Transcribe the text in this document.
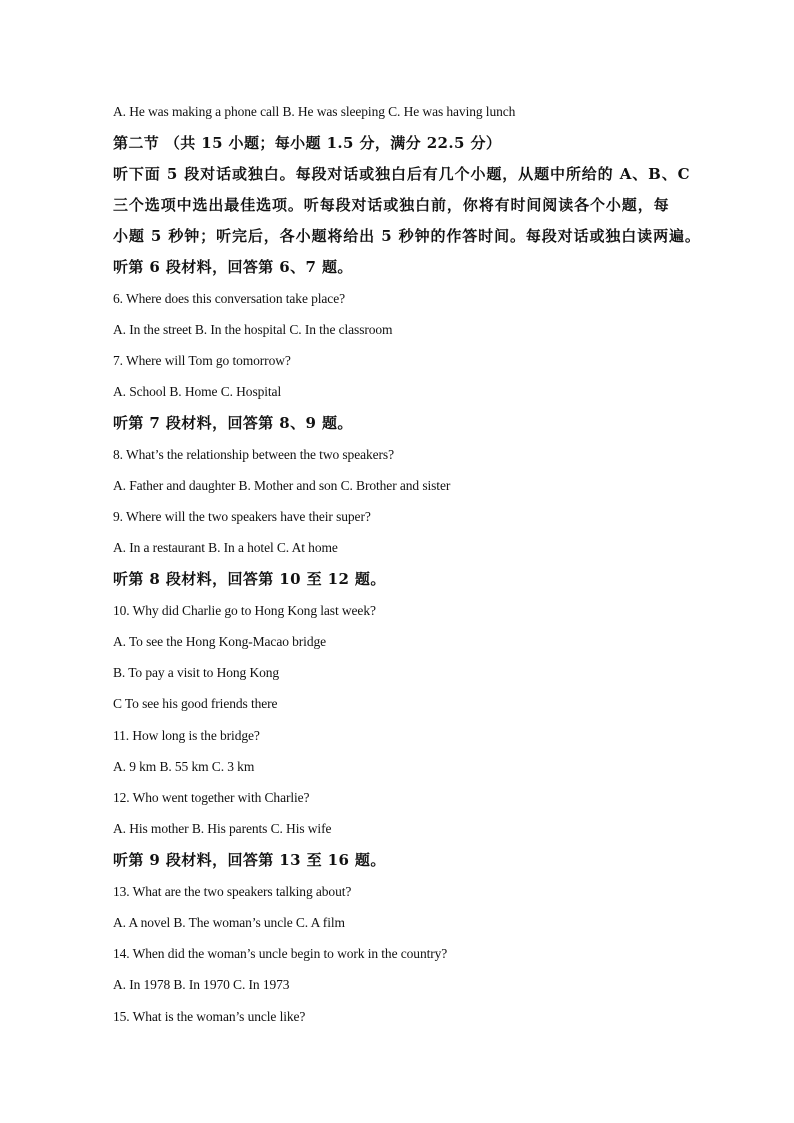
A. He was making a phone call B. He was sleeping C. He was having lunch
第二节 （共 15 小题；每小题 1.5 分，满分 22.5 分）
听下面 5 段对话或独白。每段对话或独白后有几个小题，从题中所给的 A、B、C
三个选项中选出最佳选项。听每段对话或独白前，你将有时间阅读各个小题，每
小题 5 秒钟；听完后，各小题将给出 5 秒钟的作答时间。每段对话或独白读两遍。
听第 6 段材料，回答第 6、7 题。
6. Where does this conversation take place?
A. In the street B. In the hospital C. In the classroom
7. Where will Tom go tomorrow?
A. School B. Home C. Hospital
听第 7 段材料，回答第 8、9 题。
8. What’s the relationship between the two speakers?
A. Father and daughter B. Mother and son C. Brother and sister
9. Where will the two speakers have their super?
A. In a restaurant B. In a hotel C. At home
听第 8 段材料，回答第 10 至 12 题。
10. Why did Charlie go to Hong Kong last week?
A. To see the Hong Kong-Macao bridge
B. To pay a visit to Hong Kong
C To see his good friends there
11. How long is the bridge?
A. 9 km B. 55 km C. 3 km
12. Who went together with Charlie?
A. His mother B. His parents C. His wife
听第 9 段材料，回答第 13 至 16 题。
13. What are the two speakers talking about?
A. A novel B. The woman’s uncle C. A film
14. When did the woman’s uncle begin to work in the country?
A. In 1978 B. In 1970 C. In 1973
15. What is the woman’s uncle like?
